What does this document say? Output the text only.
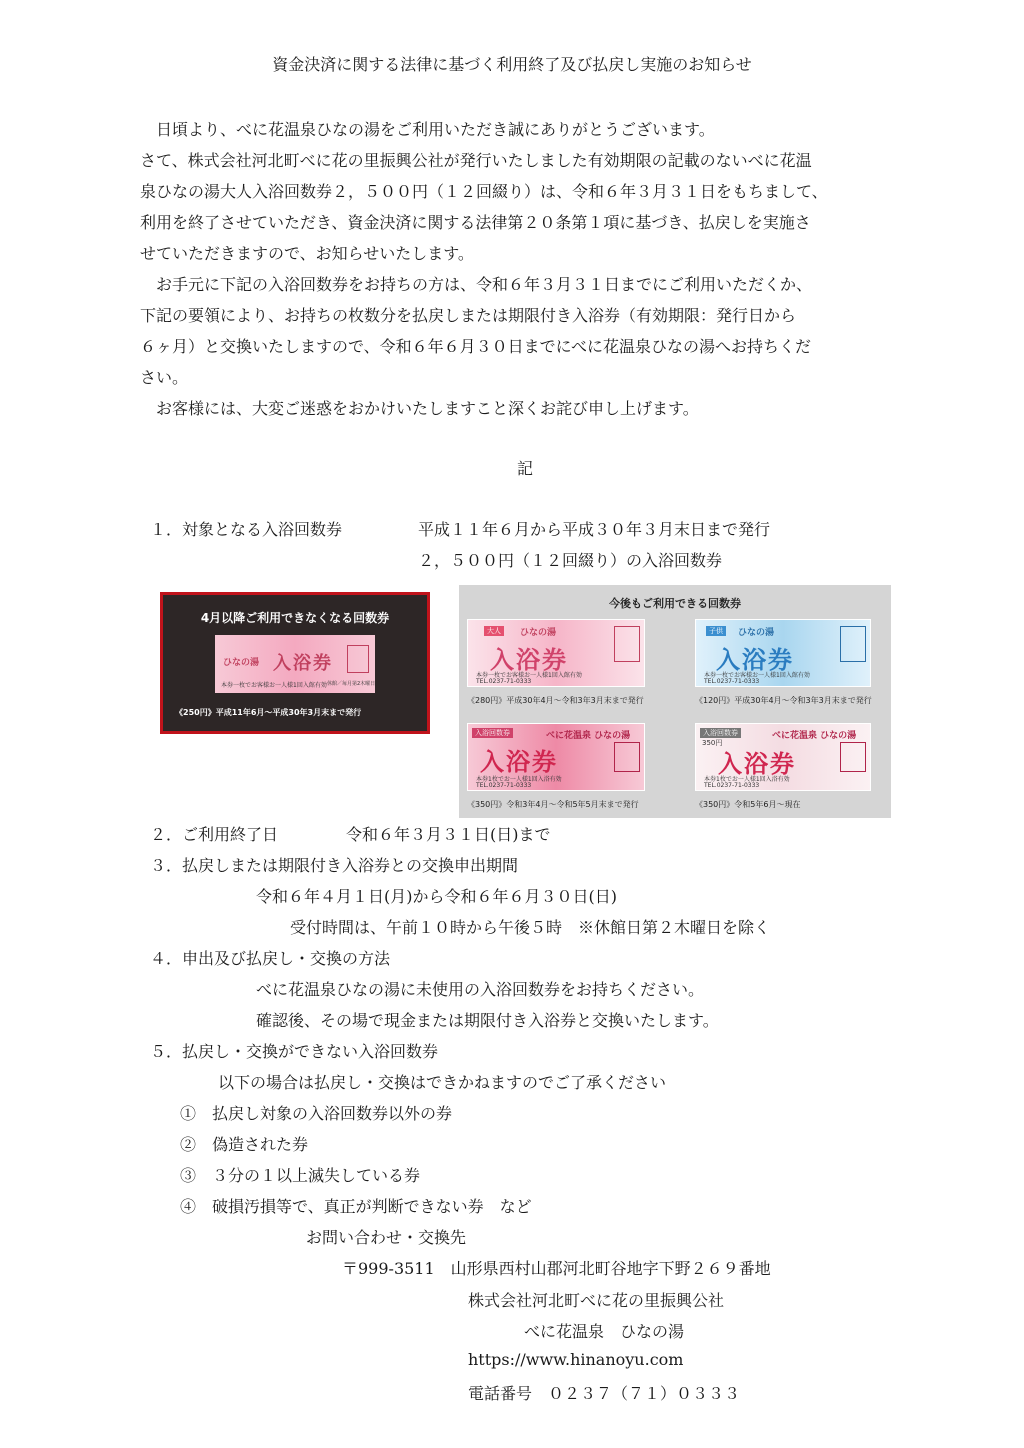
資金決済に関する法律に基づく利用終了及び払戻し実施のお知らせ
　日頃より、べに花温泉ひなの湯をご利用いただき誠にありがとうございます。
さて、株式会社河北町べに花の里振興公社が発行いたしました有効期限の記載のないべに花温
泉ひなの湯大人入浴回数券２，５００円（１２回綴り）は、令和６年３月３１日をもちまして、
利用を終了させていただき、資金決済に関する法律第２０条第１項に基づき、払戻しを実施さ
せていただきますので、お知らせいたします。
　お手元に下記の入浴回数券をお持ちの方は、令和６年３月３１日までにご利用いただくか、
下記の要領により、お持ちの枚数分を払戻しまたは期限付き入浴券（有効期限：発行日から
６ヶ月）と交換いたしますので、令和６年６月３０日までにべに花温泉ひなの湯へお持ちくだ
さい。
　お客様には、大変ご迷惑をおかけいたしますこと深くお詫び申し上げます。
記
１．対象となる入浴回数券	平成１１年６月から平成３０年３月末日まで発行
２，５００円（１２回綴り）の入浴回数券
4月以降ご利用できなくなる回数券
ひなの湯 入浴券
本券一枚でお客様お一人様1回入館有効 休館／毎月第2木曜日
《250円》平成11年6月～平成30年3月末まで発行
今後もご利用できる回数券
大人	ひなの湯
入浴券
本券一枚でお客様お一人様1回入館有効
TEL.0237-71-0333
《280円》平成30年4月～令和3年3月末まで発行
子供	ひなの湯
入浴券
本券一枚でお客様お一人様1回入館有効
TEL.0237-71-0333
《120円》平成30年4月～令和3年3月末まで発行
入浴回数券	べに花温泉 ひなの湯
入浴券
本券1枚でお一人様1回入浴有効
TEL.0237-71-0333
《350円》令和3年4月～令和5年5月末まで発行
入浴回数券
350円
べに花温泉 ひなの湯
入浴券
本券1枚でお一人様1回入浴有効
TEL.0237-71-0333
《350円》令和5年6月～現在
２．ご利用終了日	令和６年３月３１日(日)まで
３．払戻しまたは期限付き入浴券との交換申出期間
令和６年４月１日(月)から令和６年６月３０日(日)
受付時間は、午前１０時から午後５時　※休館日第２木曜日を除く
４．申出及び払戻し・交換の方法
べに花温泉ひなの湯に未使用の入浴回数券をお持ちください。
確認後、その場で現金または期限付き入浴券と交換いたします。
５．払戻し・交換ができない入浴回数券
以下の場合は払戻し・交換はできかねますのでご了承ください
①　払戻し対象の入浴回数券以外の券
②　偽造された券
③　３分の１以上滅失している券
④　破損汚損等で、真正が判断できない券　など
お問い合わせ・交換先
〒999-3511　山形県西村山郡河北町谷地字下野２６９番地
株式会社河北町べに花の里振興公社
べに花温泉　ひなの湯
https://www.hinanoyu.com
電話番号　０２３７（７１）０３３３
